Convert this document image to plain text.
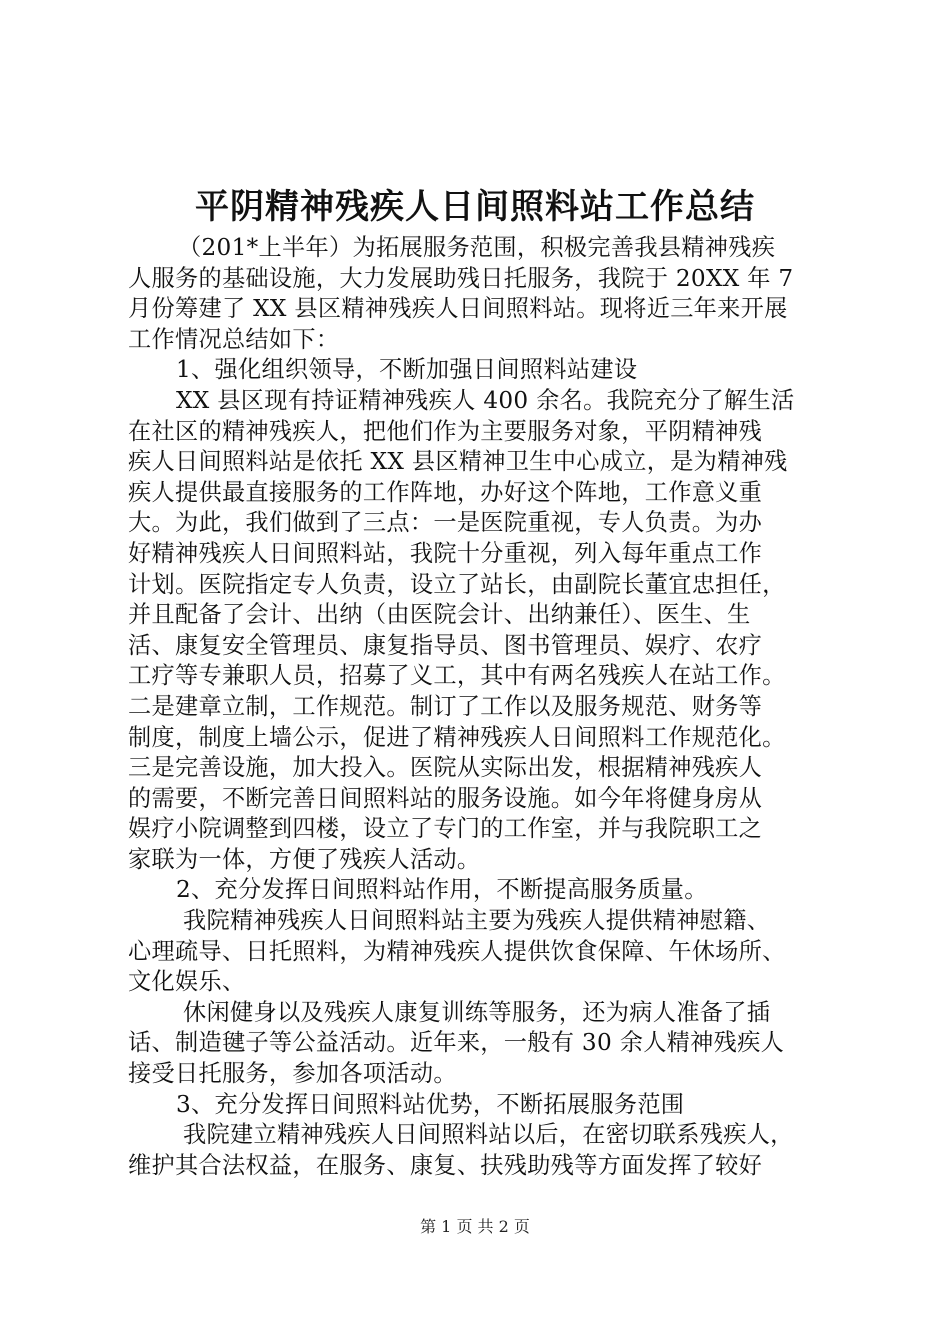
平阴精神残疾人日间照料站工作总结
（201*上半年）为拓展服务范围，积极完善我县精神残疾
人服务的基础设施，大力发展助残日托服务，我院于 20XX 年 7
月份筹建了 XX 县区精神残疾人日间照料站。现将近三年来开展
工作情况总结如下：
1、强化组织领导，不断加强日间照料站建设
XX 县区现有持证精神残疾人 400 余名。我院充分了解生活
在社区的精神残疾人，把他们作为主要服务对象，平阴精神残
疾人日间照料站是依托 XX 县区精神卫生中心成立，是为精神残
疾人提供最直接服务的工作阵地，办好这个阵地，工作意义重
大。为此，我们做到了三点：一是医院重视，专人负责。为办
好精神残疾人日间照料站，我院十分重视，列入每年重点工作
计划。医院指定专人负责，设立了站长，由副院长董宜忠担任，
并且配备了会计、出纳（由医院会计、出纳兼任）、医生、生
活、康复安全管理员、康复指导员、图书管理员、娱疗、农疗
工疗等专兼职人员，招募了义工，其中有两名残疾人在站工作。
二是建章立制，工作规范。制订了工作以及服务规范、财务等
制度，制度上墙公示，促进了精神残疾人日间照料工作规范化。
三是完善设施，加大投入。医院从实际出发，根据精神残疾人
的需要，不断完善日间照料站的服务设施。如今年将健身房从
娱疗小院调整到四楼，设立了专门的工作室，并与我院职工之
家联为一体，方便了残疾人活动。
2、充分发挥日间照料站作用，不断提高服务质量。
我院精神残疾人日间照料站主要为残疾人提供精神慰籍、
心理疏导、日托照料，为精神残疾人提供饮食保障、午休场所、
文化娱乐、
休闲健身以及残疾人康复训练等服务，还为病人准备了插
话、制造毽子等公益活动。近年来，一般有 30 余人精神残疾人
接受日托服务，参加各项活动。
3、充分发挥日间照料站优势，不断拓展服务范围
我院建立精神残疾人日间照料站以后，在密切联系残疾人，
维护其合法权益，在服务、康复、扶残助残等方面发挥了较好
第 1 页 共 2 页
